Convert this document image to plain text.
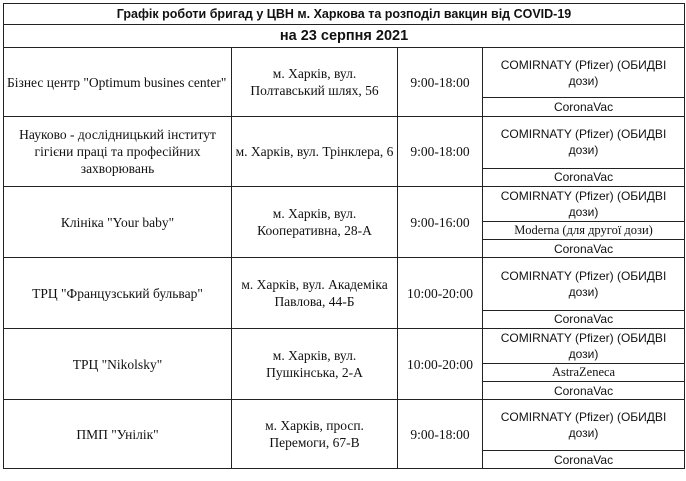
Графік роботи бригад у ЦВН м. Харкова та розподіл вакцин від COVID-19			
на 23 серпня 2021			
Бізнес центр "Optimum busines center"	м. Харків, вул. Полтавський шлях, 56	9:00-18:00	COMIRNATY (Pfizer) (ОБИДВІ дози)
			CoronaVac
Науково - дослідницький інститут гігієни праці та професійних захворювань	м. Харків, вул. Трінклера, 6	9:00-18:00	COMIRNATY (Pfizer) (ОБИДВІ дози)
			CoronaVac
Клініка "Your baby"	м. Харків, вул. Кооперативна, 28-А	9:00-16:00	COMIRNATY (Pfizer) (ОБИДВІ дози)
			Moderna (для другої дози)
			CoronaVac
ТРЦ "Французський бульвар"	м. Харків, вул. Академіка Павлова, 44-Б	10:00-20:00	COMIRNATY (Pfizer) (ОБИДВІ дози)
			CoronaVac
ТРЦ "Nikolsky"	м. Харків, вул. Пушкінська, 2-А	10:00-20:00	COMIRNATY (Pfizer) (ОБИДВІ дози)
			AstraZeneca
			CoronaVac
ПМП "Унілік"	м. Харків, просп. Перемоги, 67-В	9:00-18:00	COMIRNATY (Pfizer) (ОБИДВІ дози)
			CoronaVac
